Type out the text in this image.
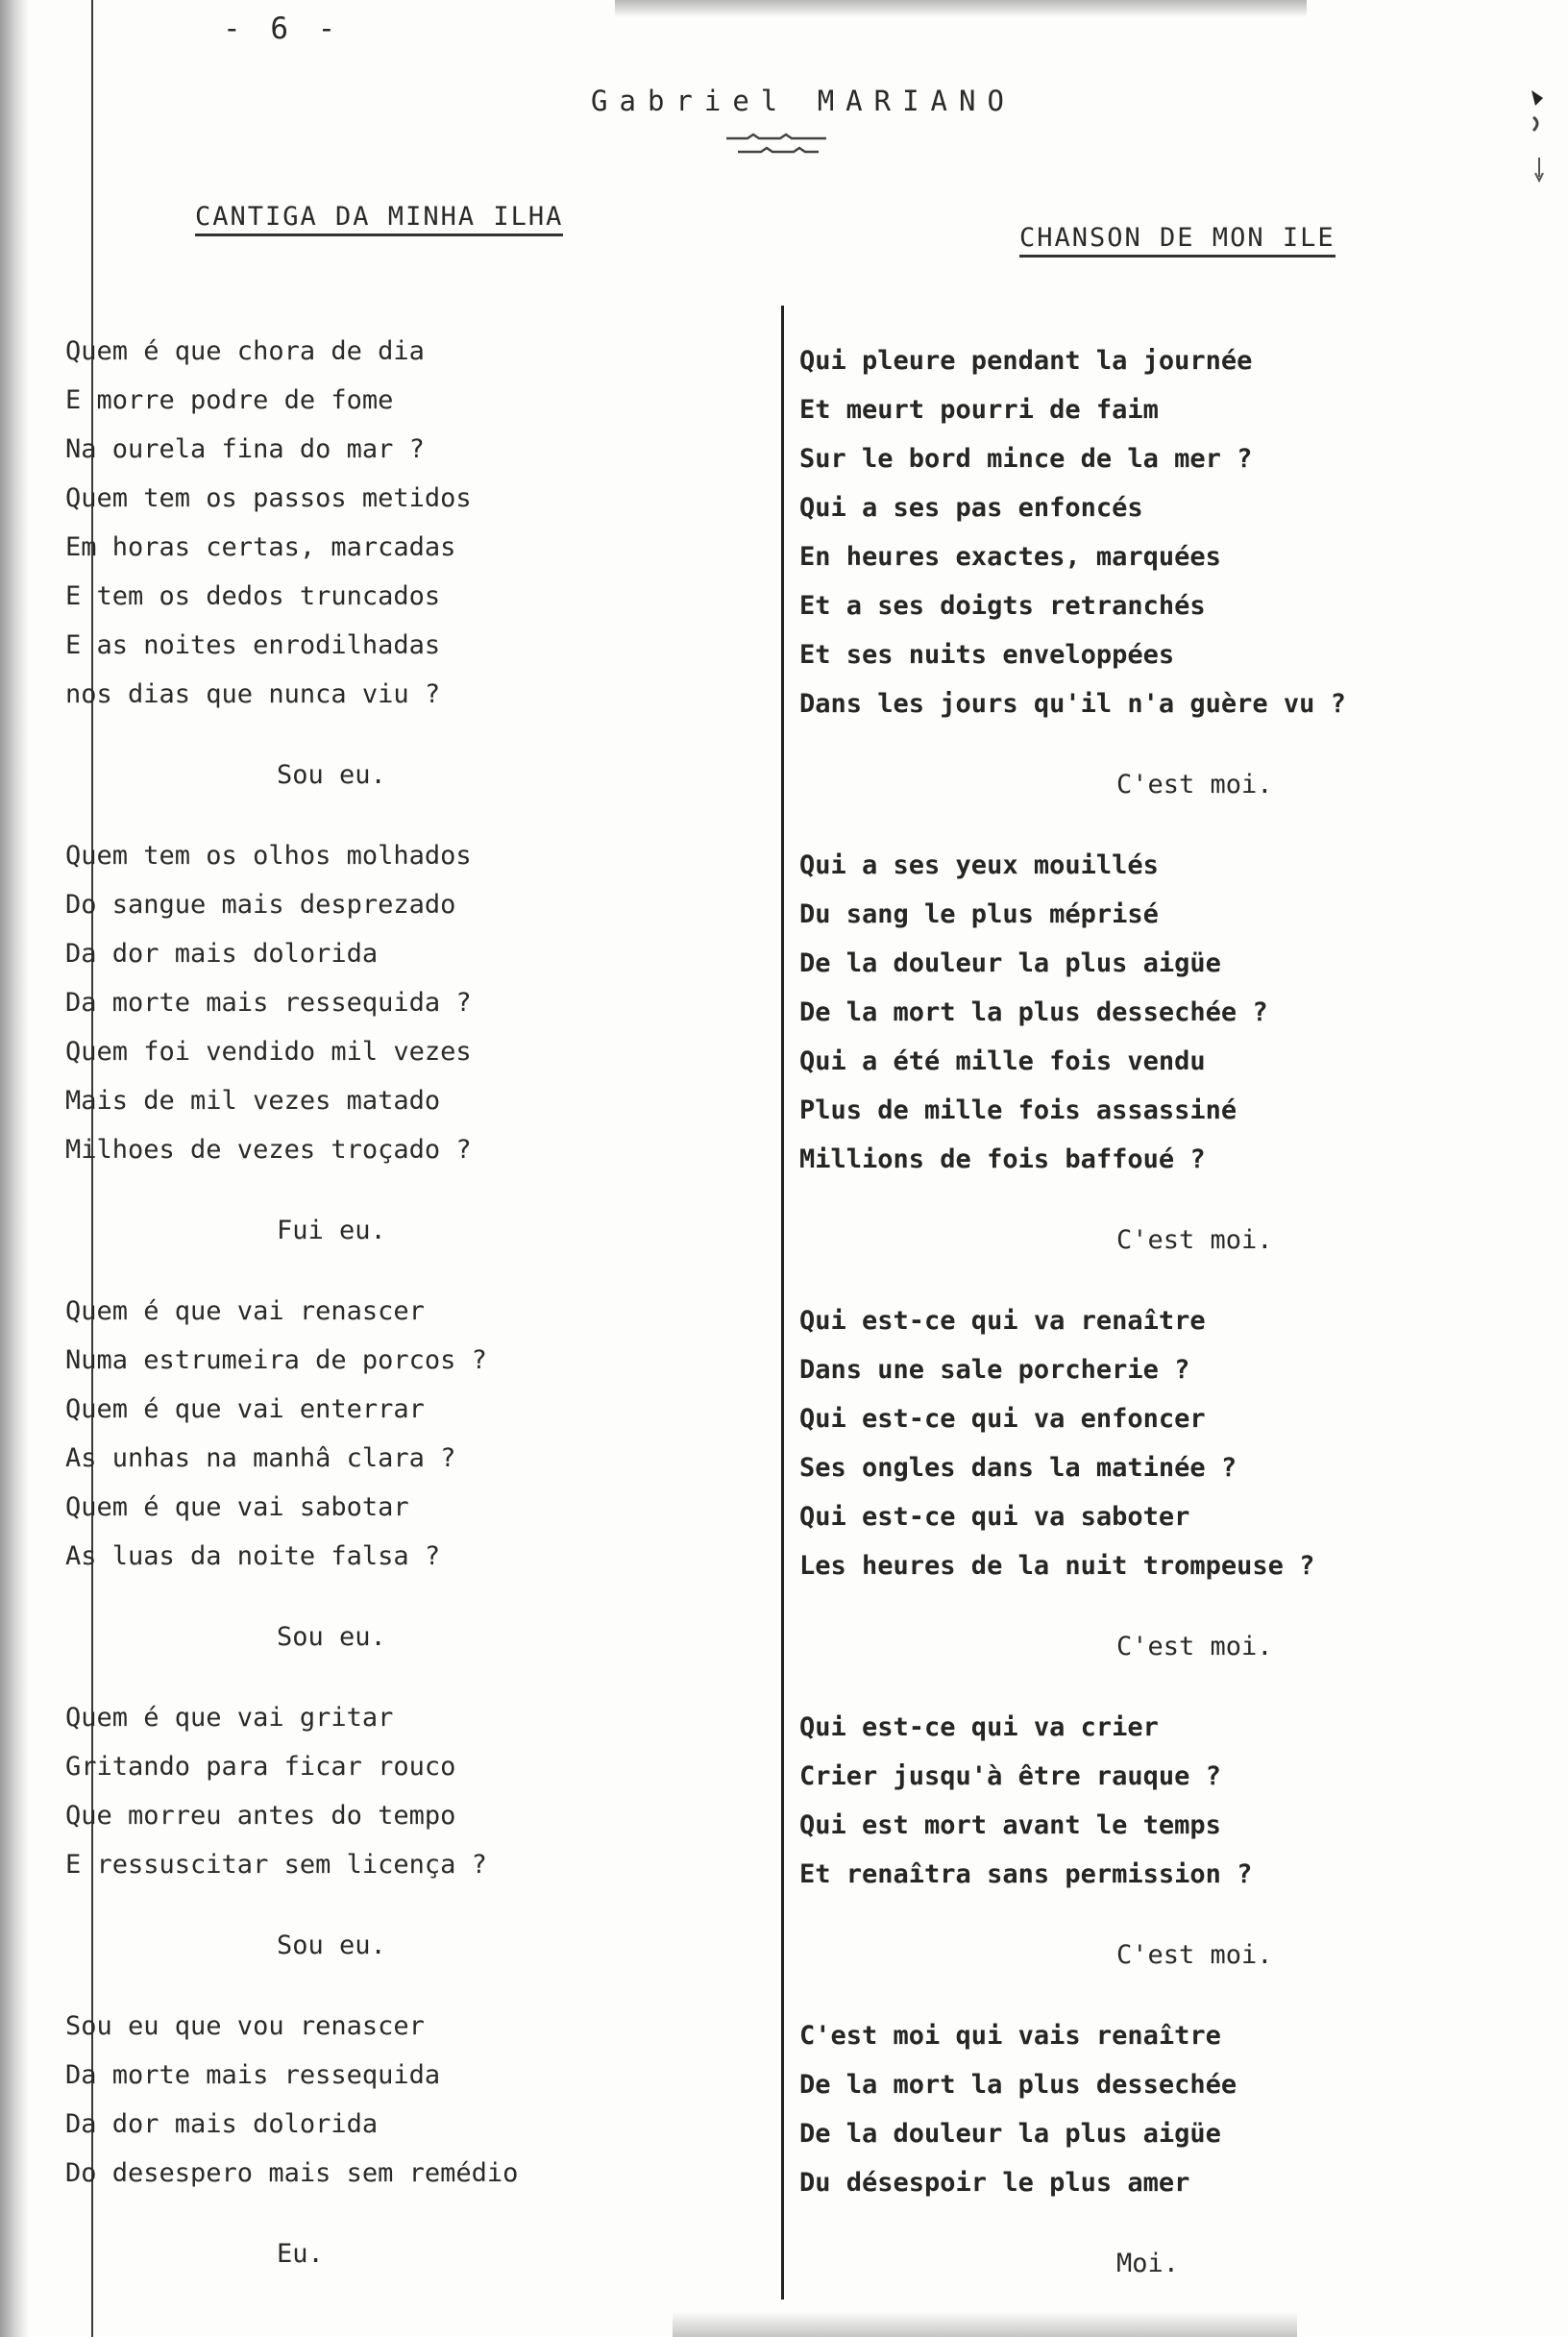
- 6 -
Gabriel MARIANO
CANTIGA DA MINHA ILHA
CHANSON DE MON ILE
Quem é que chora de dia
E morre podre de fome
Na ourela fina do mar ?
Quem tem os passos metidos
Em horas certas, marcadas
E tem os dedos truncados
E as noites enrodilhadas
nos dias que nunca viu ?
Sou eu.
Quem tem os olhos molhados
Do sangue mais desprezado
Da dor mais dolorida
Da morte mais ressequida ?
Quem foi vendido mil vezes
Mais de mil vezes matado
Milhoes de vezes troçado ?
Fui eu.
Quem é que vai renascer
Numa estrumeira de porcos ?
Quem é que vai enterrar
As unhas na manhâ clara ?
Quem é que vai sabotar
As luas da noite falsa ?
Sou eu.
Quem é que vai gritar
Gritando para ficar rouco
Que morreu antes do tempo
E ressuscitar sem licença ?
Sou eu.
Sou eu que vou renascer
Da morte mais ressequida
Da dor mais dolorida
Do desespero mais sem remédio
Eu.
Qui pleure pendant la journée
Et meurt pourri de faim
Sur le bord mince de la mer ?
Qui a ses pas enfoncés
En heures exactes, marquées
Et a ses doigts retranchés
Et ses nuits enveloppées
Dans les jours qu'il n'a guère vu ?
C'est moi.
Qui a ses yeux mouillés
Du sang le plus méprisé
De la douleur la plus aigüe
De la mort la plus dessechée ?
Qui a été mille fois vendu
Plus de mille fois assassiné
Millions de fois baffoué ?
C'est moi.
Qui est-ce qui va renaître
Dans une sale porcherie ?
Qui est-ce qui va enfoncer
Ses ongles dans la matinée ?
Qui est-ce qui va saboter
Les heures de la nuit trompeuse ?
C'est moi.
Qui est-ce qui va crier
Crier jusqu'à être rauque ?
Qui est mort avant le temps
Et renaîtra sans permission ?
C'est moi.
C'est moi qui vais renaître
De la mort la plus dessechée
De la douleur la plus aigüe
Du désespoir le plus amer
Moi.
